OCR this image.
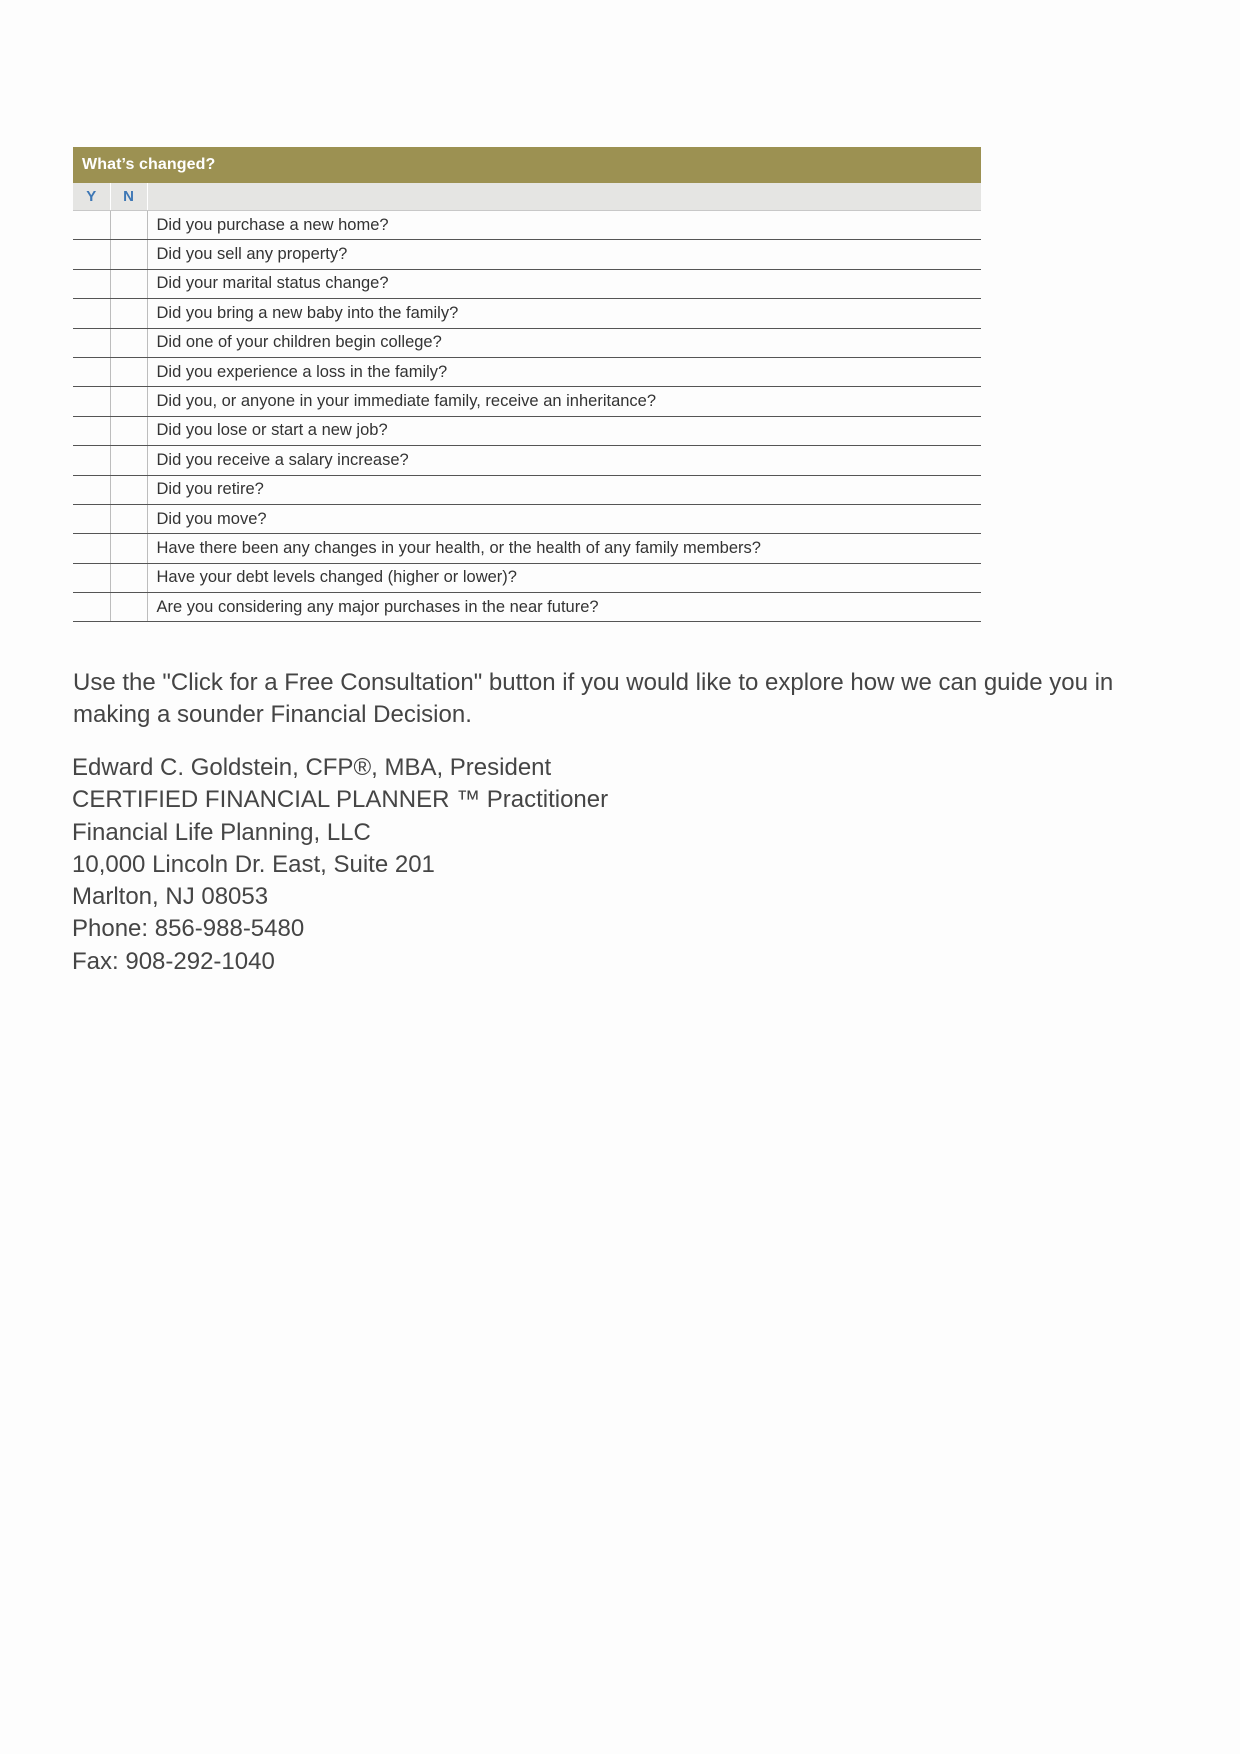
What’s changed?		
Y	N	
		Did you purchase a new home?
		Did you sell any property?
		Did your marital status change?
		Did you bring a new baby into the family?
		Did one of your children begin college?
		Did you experience a loss in the family?
		Did you, or anyone in your immediate family, receive an inheritance?
		Did you lose or start a new job?
		Did you receive a salary increase?
		Did you retire?
		Did you move?
		Have there been any changes in your health, or the health of any family members?
		Have your debt levels changed (higher or lower)?
		Are you considering any major purchases in the near future?

Use the "Click for a Free Consultation" button if you would like to explore how we can guide you in making a sounder Financial Decision.

Edward C. Goldstein, CFP®, MBA, President
CERTIFIED FINANCIAL PLANNER ™ Practitioner
Financial Life Planning, LLC
10,000 Lincoln Dr. East, Suite 201
Marlton, NJ 08053
Phone: 856-988-5480
Fax: 908-292-1040
